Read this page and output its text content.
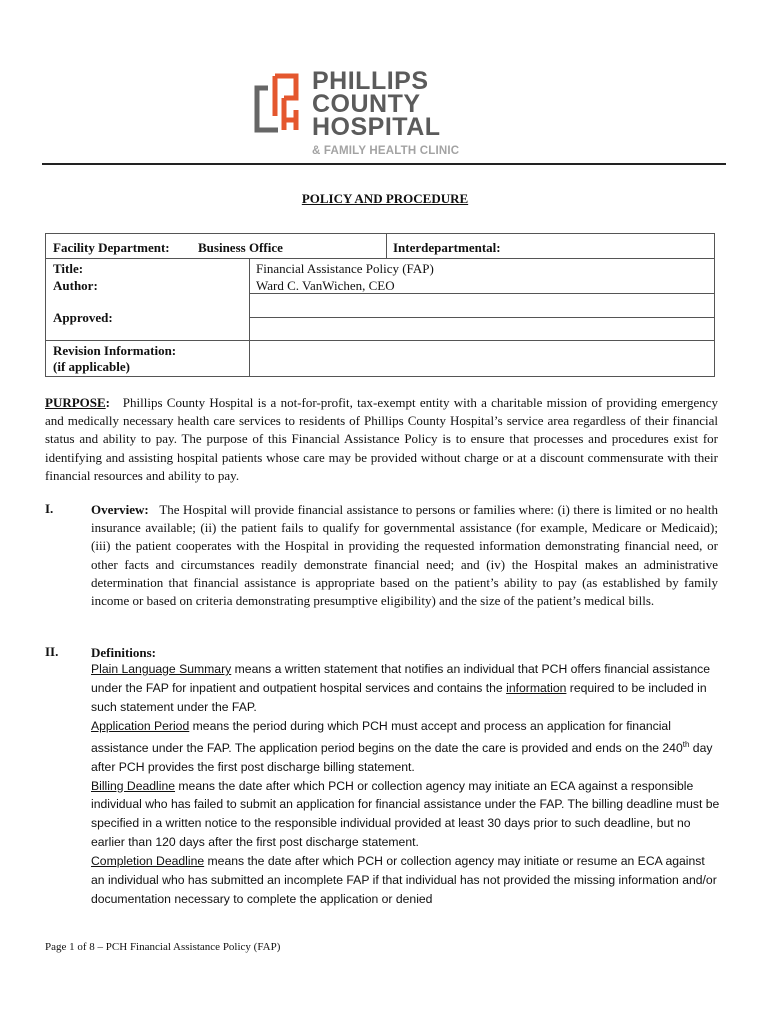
PHILLIPS
COUNTY
HOSPITAL
& FAMILY HEALTH CLINIC
POLICY AND PROCEDURE
Facility Department: Business Office	Interdepartmental:
Title:	Financial Assistance Policy (FAP)
Author:	Ward C. VanWichen, CEO
Approved:
Revision Information:
(if applicable)
PURPOSE: Phillips County Hospital is a not-for-profit, tax-exempt entity with a charitable mission of providing emergency and medically necessary health care services to residents of Phillips County Hospital’s service area regardless of their financial status and ability to pay. The purpose of this Financial Assistance Policy is to ensure that processes and procedures exist for identifying and assisting hospital patients whose care may be provided without charge or at a discount commensurate with their financial resources and ability to pay.
I.	Overview: The Hospital will provide financial assistance to persons or families where: (i) there is limited or no health insurance available; (ii) the patient fails to qualify for governmental assistance (for example, Medicare or Medicaid); (iii) the patient cooperates with the Hospital in providing the requested information demonstrating financial need, or other facts and circumstances readily demonstrate financial need; and (iv) the Hospital makes an administrative determination that financial assistance is appropriate based on the patient’s ability to pay (as established by family income or based on criteria demonstrating presumptive eligibility) and the size of the patient’s medical bills.
II.	Definitions:
Plain Language Summary means a written statement that notifies an individual that PCH offers financial assistance under the FAP for inpatient and outpatient hospital services and contains the information required to be included in such statement under the FAP.
Application Period means the period during which PCH must accept and process an application for financial assistance under the FAP. The application period begins on the date the care is provided and ends on the 240th day after PCH provides the first post discharge billing statement.
Billing Deadline means the date after which PCH or collection agency may initiate an ECA against a responsible individual who has failed to submit an application for financial assistance under the FAP. The billing deadline must be specified in a written notice to the responsible individual provided at least 30 days prior to such deadline, but no earlier than 120 days after the first post discharge statement.
Completion Deadline means the date after which PCH or collection agency may initiate or resume an ECA against an individual who has submitted an incomplete FAP if that individual has not provided the missing information and/or documentation necessary to complete the application or denied
Page 1 of 8 – PCH Financial Assistance Policy (FAP)
